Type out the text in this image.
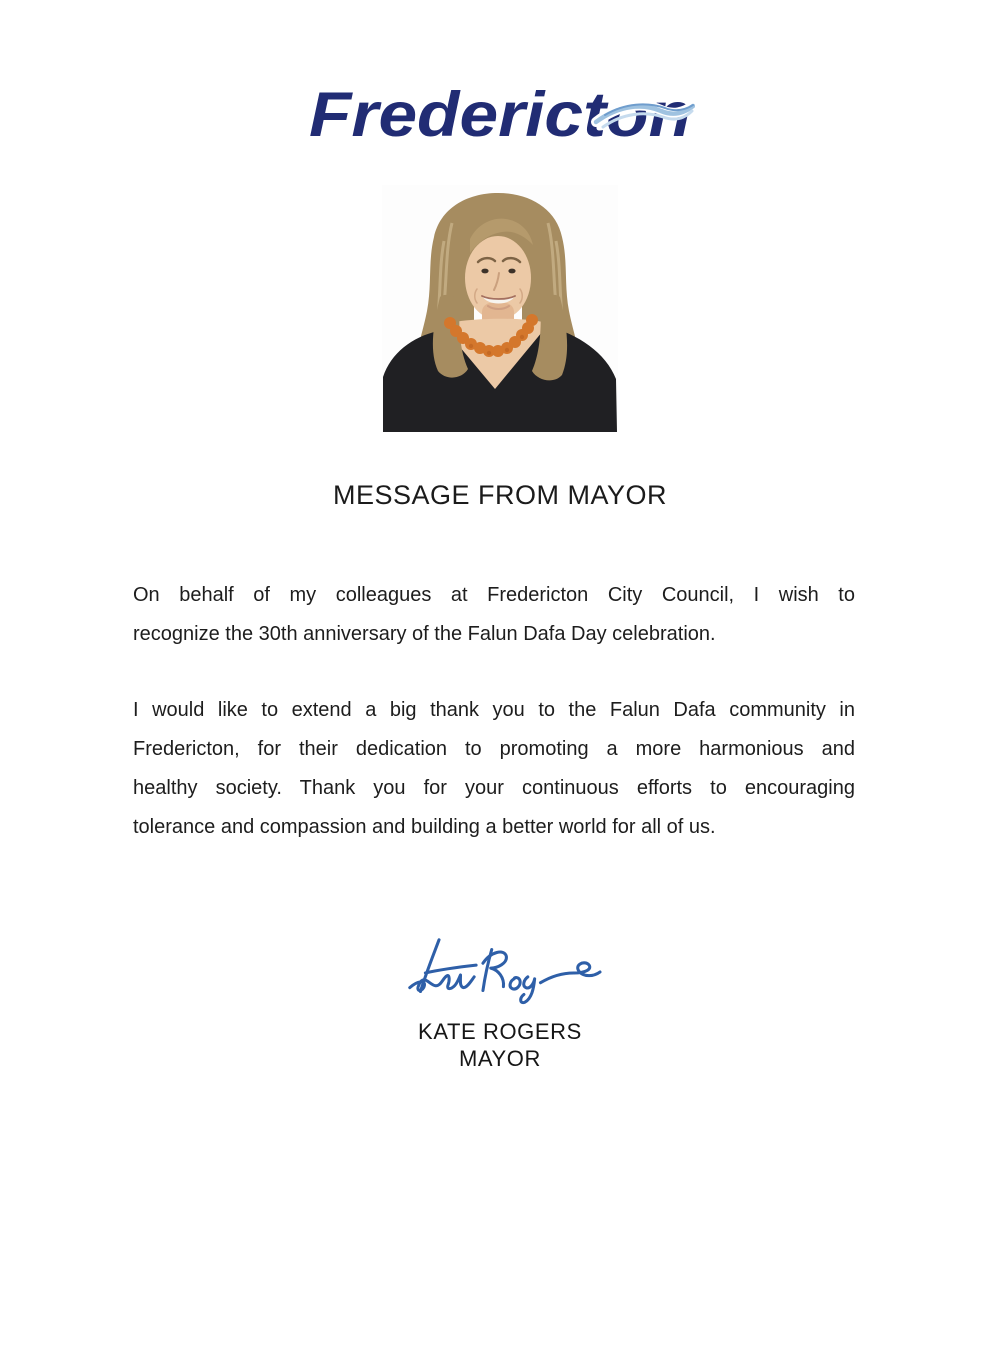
Fredericton
MESSAGE FROM MAYOR
On behalf of my colleagues at Fredericton City Council, I wish to
recognize the 30th anniversary of the Falun Dafa Day celebration.
I would like to extend a big thank you to the Falun Dafa community in
Fredericton, for their dedication to promoting a more harmonious and
healthy society. Thank you for your continuous efforts to encouraging
tolerance and compassion and building a better world for all of us.
KATE ROGERS
MAYOR
